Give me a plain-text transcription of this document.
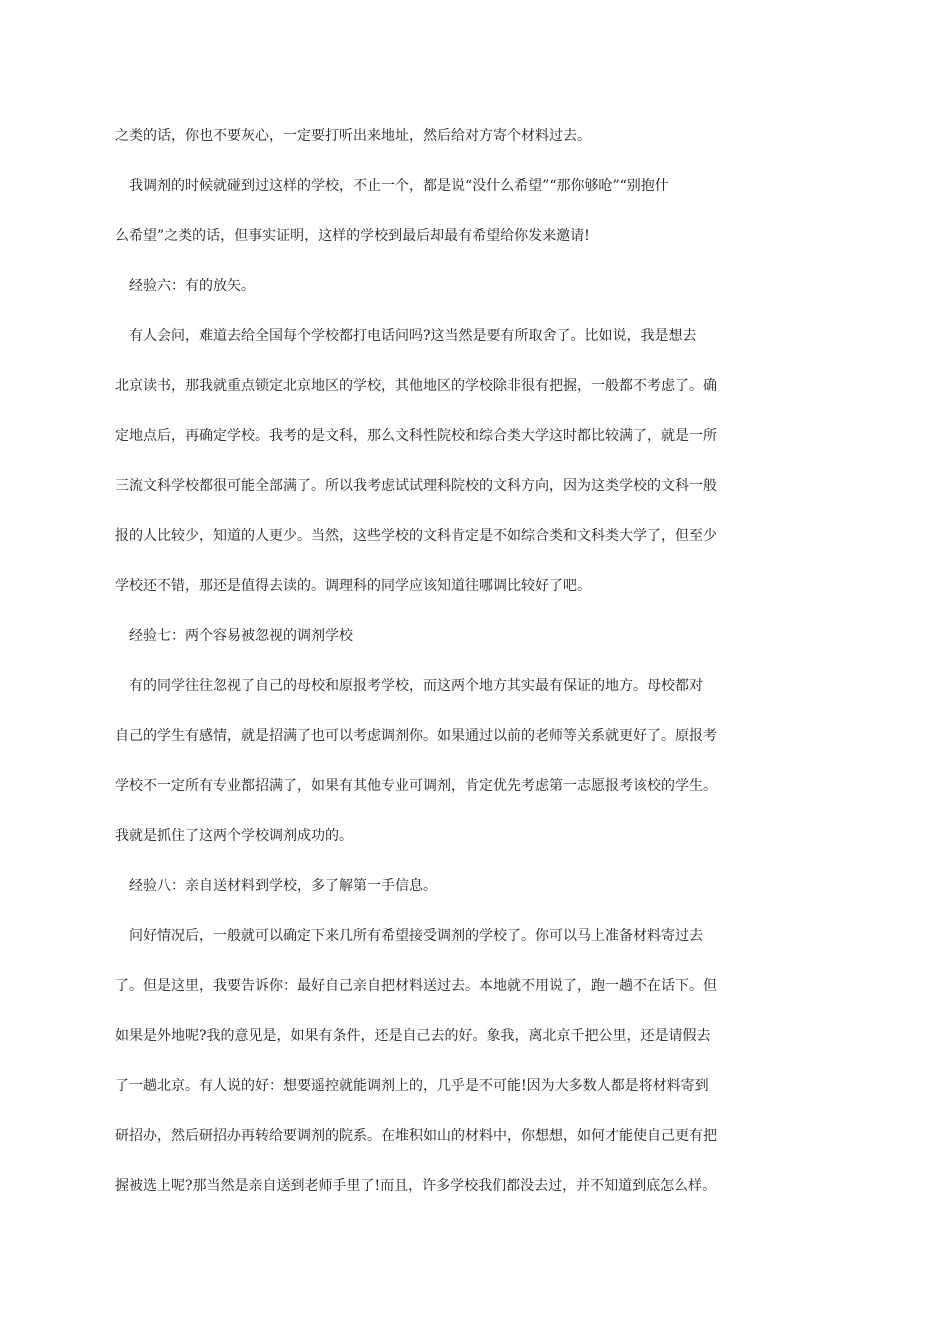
之类的话，你也不要灰心，一定要打听出来地址，然后给对方寄个材料过去。

　我调剂的时候就碰到过这样的学校，不止一个，都是说“没什么希望”“那你够呛”“别抱什

么希望”之类的话，但事实证明，这样的学校到最后却最有希望给你发来邀请!

　经验六：有的放矢。

　有人会问，难道去给全国每个学校都打电话问吗?这当然是要有所取舍了。比如说，我是想去

北京读书，那我就重点锁定北京地区的学校，其他地区的学校除非很有把握，一般都不考虑了。确

定地点后，再确定学校。我考的是文科，那么文科性院校和综合类大学这时都比较满了，就是一所

三流文科学校都很可能全部满了。所以我考虑试试理科院校的文科方向，因为这类学校的文科一般

报的人比较少，知道的人更少。当然，这些学校的文科肯定是不如综合类和文科类大学了，但至少

学校还不错，那还是值得去读的。调理科的同学应该知道往哪调比较好了吧。

　经验七：两个容易被忽视的调剂学校

　有的同学往往忽视了自己的母校和原报考学校，而这两个地方其实最有保证的地方。母校都对

自己的学生有感情，就是招满了也可以考虑调剂你。如果通过以前的老师等关系就更好了。原报考

学校不一定所有专业都招满了，如果有其他专业可调剂，肯定优先考虑第一志愿报考该校的学生。

我就是抓住了这两个学校调剂成功的。

　经验八：亲自送材料到学校，多了解第一手信息。

　问好情况后，一般就可以确定下来几所有希望接受调剂的学校了。你可以马上准备材料寄过去

了。但是这里，我要告诉你：最好自己亲自把材料送过去。本地就不用说了，跑一趟不在话下。但

如果是外地呢?我的意见是，如果有条件，还是自己去的好。象我，离北京千把公里，还是请假去

了一趟北京。有人说的好：想要遥控就能调剂上的，几乎是不可能!因为大多数人都是将材料寄到

研招办，然后研招办再转给要调剂的院系。在堆积如山的材料中，你想想，如何才能使自己更有把

握被选上呢?那当然是亲自送到老师手里了!而且，许多学校我们都没去过，并不知道到底怎么样。
